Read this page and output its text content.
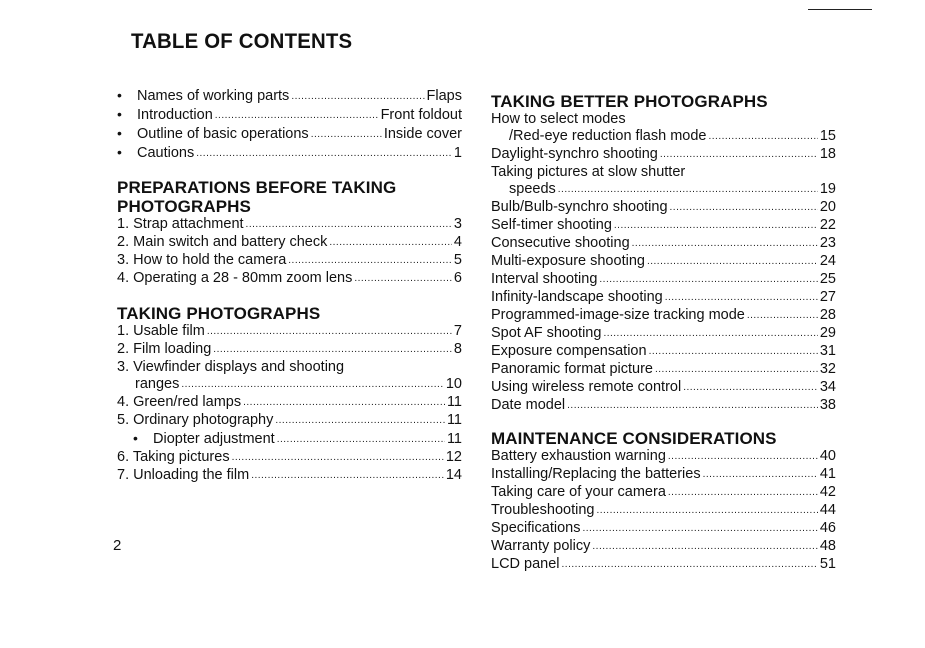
TABLE OF CONTENTS
•	Names of working parts .....	Flaps
•	Introduction .....	Front foldout
•	Outline of basic operations .....	Inside cover
•	Cautions .....	1
PREPARATIONS BEFORE TAKING
PHOTOGRAPHS
1. Strap attachment .....	3
2. Main switch and battery check .....	4
3. How to hold the camera .....	5
4. Operating a 28 - 80mm zoom lens .....	6
TAKING PHOTOGRAPHS
1. Usable film .....	7
2. Film loading .....	8

3. Viewfinder displays and shooting

ranges .....	10
4. Green/red lamps .....	11
5. Ordinary photography .....	11
•	Diopter adjustment .....	11
6. Taking pictures .....	12
7. Unloading the film .....	14
TAKING BETTER PHOTOGRAPHS

How to select modes

/Red-eye reduction flash mode .....	15
Daylight-synchro shooting .....	18

Taking pictures at slow shutter

speeds .....	19
Bulb/Bulb-synchro shooting .....	20
Self-timer shooting .....	22
Consecutive shooting .....	23
Multi-exposure shooting .....	24
Interval shooting .....	25
Infinity-landscape shooting .....	27
Programmed-image-size tracking mode .....	28
Spot AF shooting .....	29
Exposure compensation .....	31
Panoramic format picture .....	32
Using wireless remote control .....	34
Date model .....	38
MAINTENANCE CONSIDERATIONS
Battery exhaustion warning .....	40
Installing/Replacing the batteries .....	41
Taking care of your camera .....	42
Troubleshooting .....	44
Specifications .....	46
Warranty policy .....	48
LCD panel .....	51
2
